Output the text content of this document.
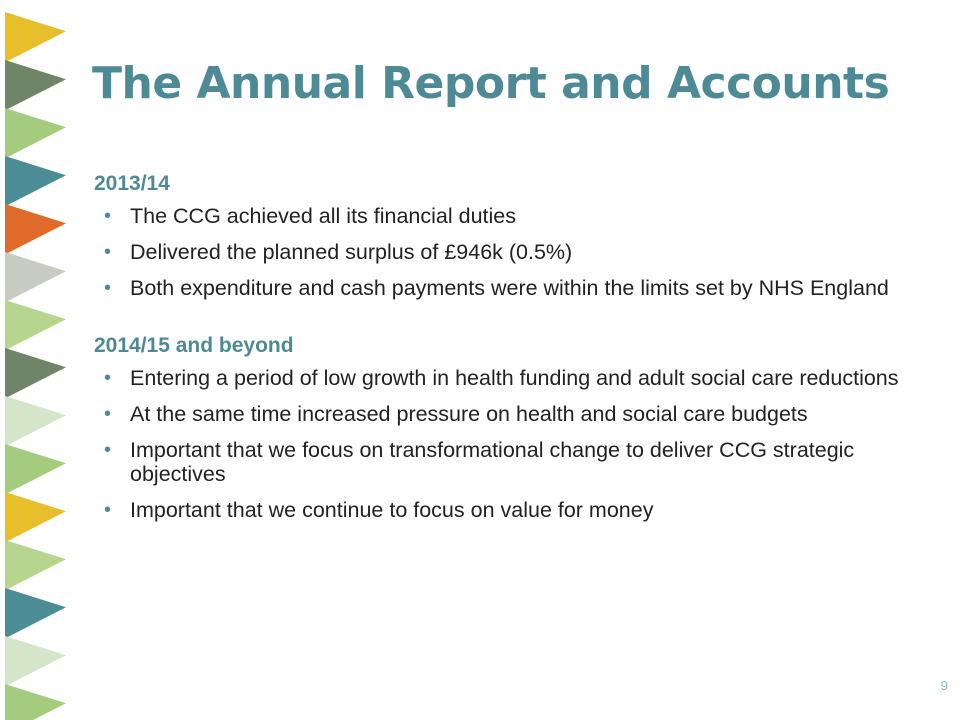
The Annual Report and Accounts
2013/14
• The CCG achieved all its financial duties
• Delivered the planned surplus of £946k (0.5%)
• Both expenditure and cash payments were within the limits set by NHS England
2014/15 and beyond
• Entering a period of low growth in health funding and adult social care reductions
• At the same time increased pressure on health and social care budgets
• Important that we focus on transformational change to deliver CCG strategic objectives
• Important that we continue to focus on value for money
9
